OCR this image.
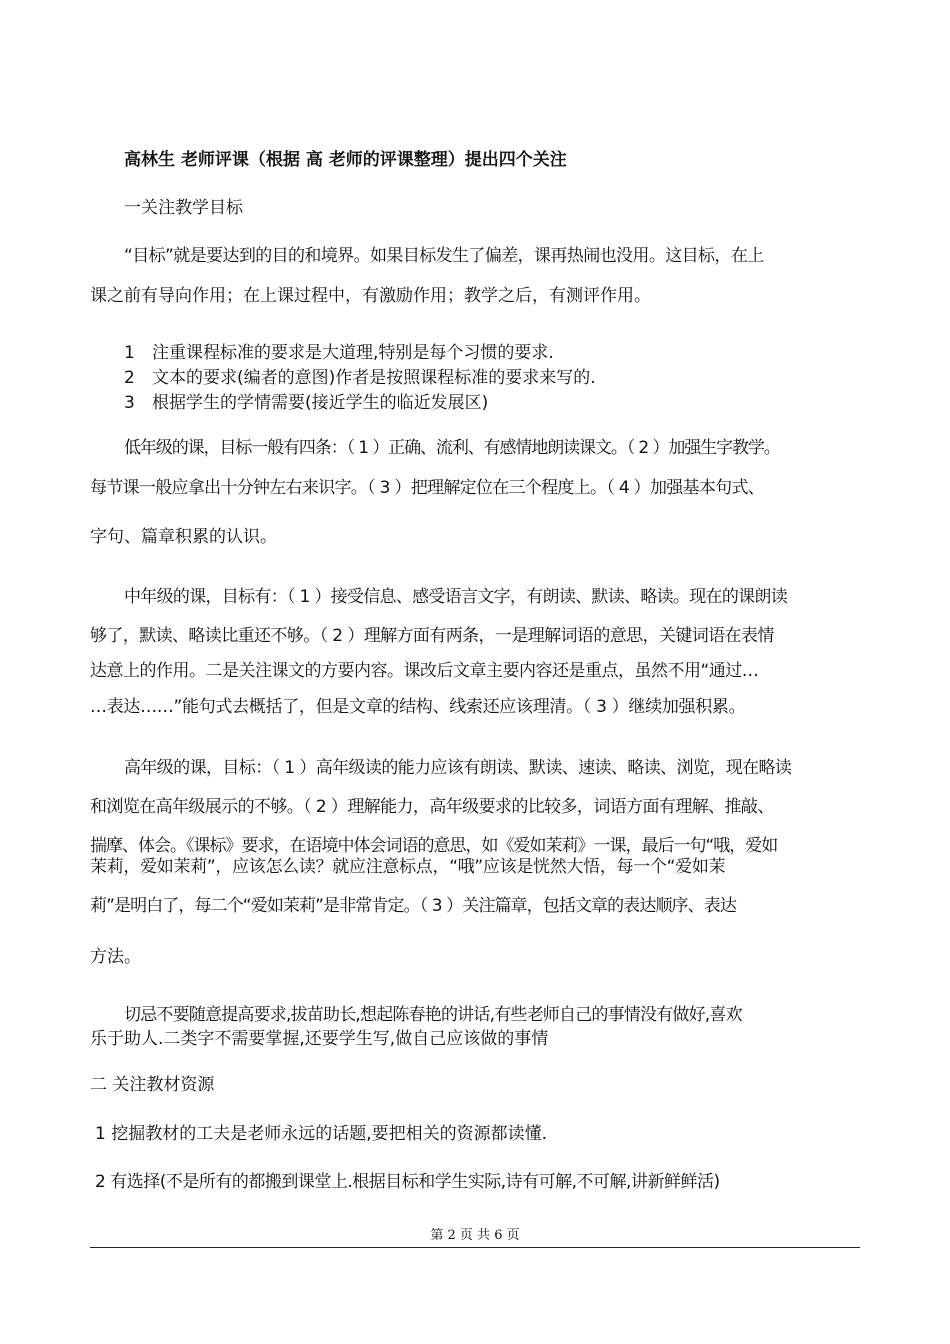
高林生 老师评课（根据 高 老师的评课整理）提出四个关注
一关注教学目标
“目标”就是要达到的目的和境界。如果目标发生了偏差，课再热闹也没用。这目标，在上
课之前有导向作用；在上课过程中，有激励作用；教学之后，有测评作用。
1 注重课程标准的要求是大道理,特别是每个习惯的要求.
2 文本的要求(编者的意图)作者是按照课程标准的要求来写的.
3 根据学生的学情需要(接近学生的临近发展区)
低年级的课，目标一般有四条：（ 1 ）正确、流利、有感情地朗读课文。（ 2 ）加强生字教学。
每节课一般应拿出十分钟左右来识字。（ 3 ）把理解定位在三个程度上。（ 4 ）加强基本句式、
字句、篇章积累的认识。
中年级的课，目标有：（ 1 ）接受信息、感受语言文字，有朗读、默读、略读。现在的课朗读
够了，默读、略读比重还不够。（ 2 ）理解方面有两条，一是理解词语的意思，关键词语在表情
达意上的作用。二是关注课文的方要内容。课改后文章主要内容还是重点，虽然不用“通过…
…表达……”能句式去概括了，但是文章的结构、线索还应该理清。（ 3 ）继续加强积累。
高年级的课，目标：（ 1 ）高年级读的能力应该有朗读、默读、速读、略读、浏览，现在略读
和浏览在高年级展示的不够。（ 2 ）理解能力，高年级要求的比较多，词语方面有理解、推敲、
揣摩、体会。《课标》要求，在语境中体会词语的意思，如《爱如茉莉》一课，最后一句“哦，爱如
茉莉，爱如茉莉”，应该怎么读？就应注意标点，“哦”应该是恍然大悟，每一个“爱如茉
莉”是明白了，每二个“爱如茉莉”是非常肯定。（ 3 ）关注篇章，包括文章的表达顺序、表达
方法。
切忌不要随意提高要求,拔苗助长,想起陈春艳的讲话,有些老师自己的事情没有做好,喜欢
乐于助人.二类字不需要掌握,还要学生写,做自己应该做的事情
二 关注教材资源
1 挖掘教材的工夫是老师永远的话题,要把相关的资源都读懂.
2 有选择(不是所有的都搬到课堂上.根据目标和学生实际,诗有可解,不可解,讲新鲜鲜活)
第 2 页 共 6 页
